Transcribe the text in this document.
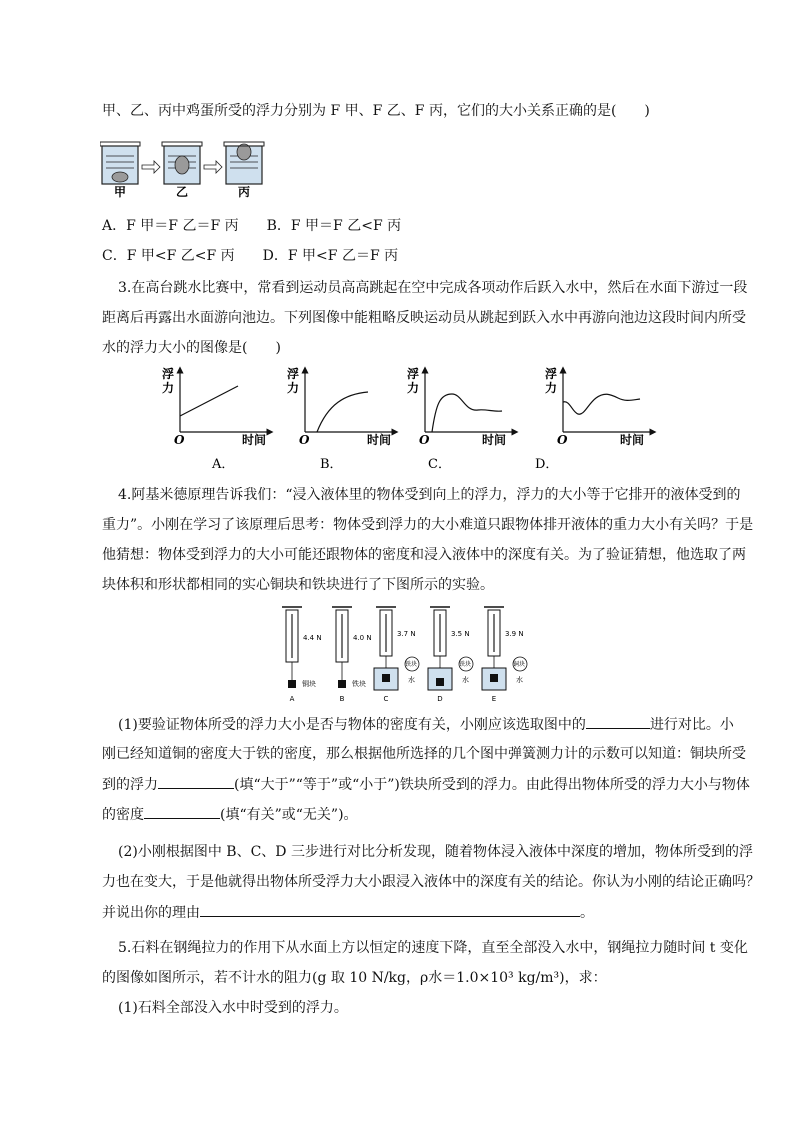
甲、乙、丙中鸡蛋所受的浮力分别为 F 甲、F 乙、F 丙，它们的大小关系正确的是(　　)
甲	乙	丙
A．F 甲＝F 乙＝F 丙　　B．F 甲＝F 乙<F 丙
C．F 甲<F 乙<F 丙　　D．F 甲<F 乙＝F 丙
3.在高台跳水比赛中，常看到运动员高高跳起在空中完成各项动作后跃入水中，然后在水面下游过一段
距离后再露出水面游向池边。下列图像中能粗略反映运动员从跳起到跃入水中再游向池边这段时间内所受
水的浮力大小的图像是(　　)
浮
力
O	时间
A．
浮
力
O	时间
B．
浮
力
O	时间
C．
浮
力
O	时间
D．
4.阿基米德原理告诉我们：“浸入液体里的物体受到向上的浮力，浮力的大小等于它排开的液体受到的
重力”。小刚在学习了该原理后思考：物体受到浮力的大小难道只跟物体排开液体的重力大小有关吗？于是
他猜想：物体受到浮力的大小可能还跟物体的密度和浸入液体中的深度有关。为了验证猜想，他选取了两
块体积和形状都相同的实心铜块和铁块进行了下图所示的实验。
4.4 N
铜块
A
4.0 N
铁块
B
3.7 N
铁块
水
C
3.5 N
铁块
水
D
3.9 N
铜块
水
E
(1)要验证物体所受的浮力大小是否与物体的密度有关，小刚应该选取图中的	进行对比。小
刚已经知道铜的密度大于铁的密度，那么根据他所选择的几个图中弹簧测力计的示数可以知道：铜块所受
到的浮力	(填“大于”“等于”或“小于”)铁块所受到的浮力。由此得出物体所受的浮力大小与物体
的密度	(填“有关”或“无关”)。
(2)小刚根据图中 B、C、D 三步进行对比分析发现，随着物体浸入液体中深度的增加，物体所受到的浮
力也在变大，于是他就得出物体所受浮力大小跟浸入液体中的深度有关的结论。你认为小刚的结论正确吗？
并说出你的理由	。
5.石料在钢绳拉力的作用下从水面上方以恒定的速度下降，直至全部没入水中，钢绳拉力随时间 t 变化
的图像如图所示，若不计水的阻力(g 取 10 N/kg，ρ水＝1.0×10³ kg/m³)，求：
(1)石料全部没入水中时受到的浮力。
